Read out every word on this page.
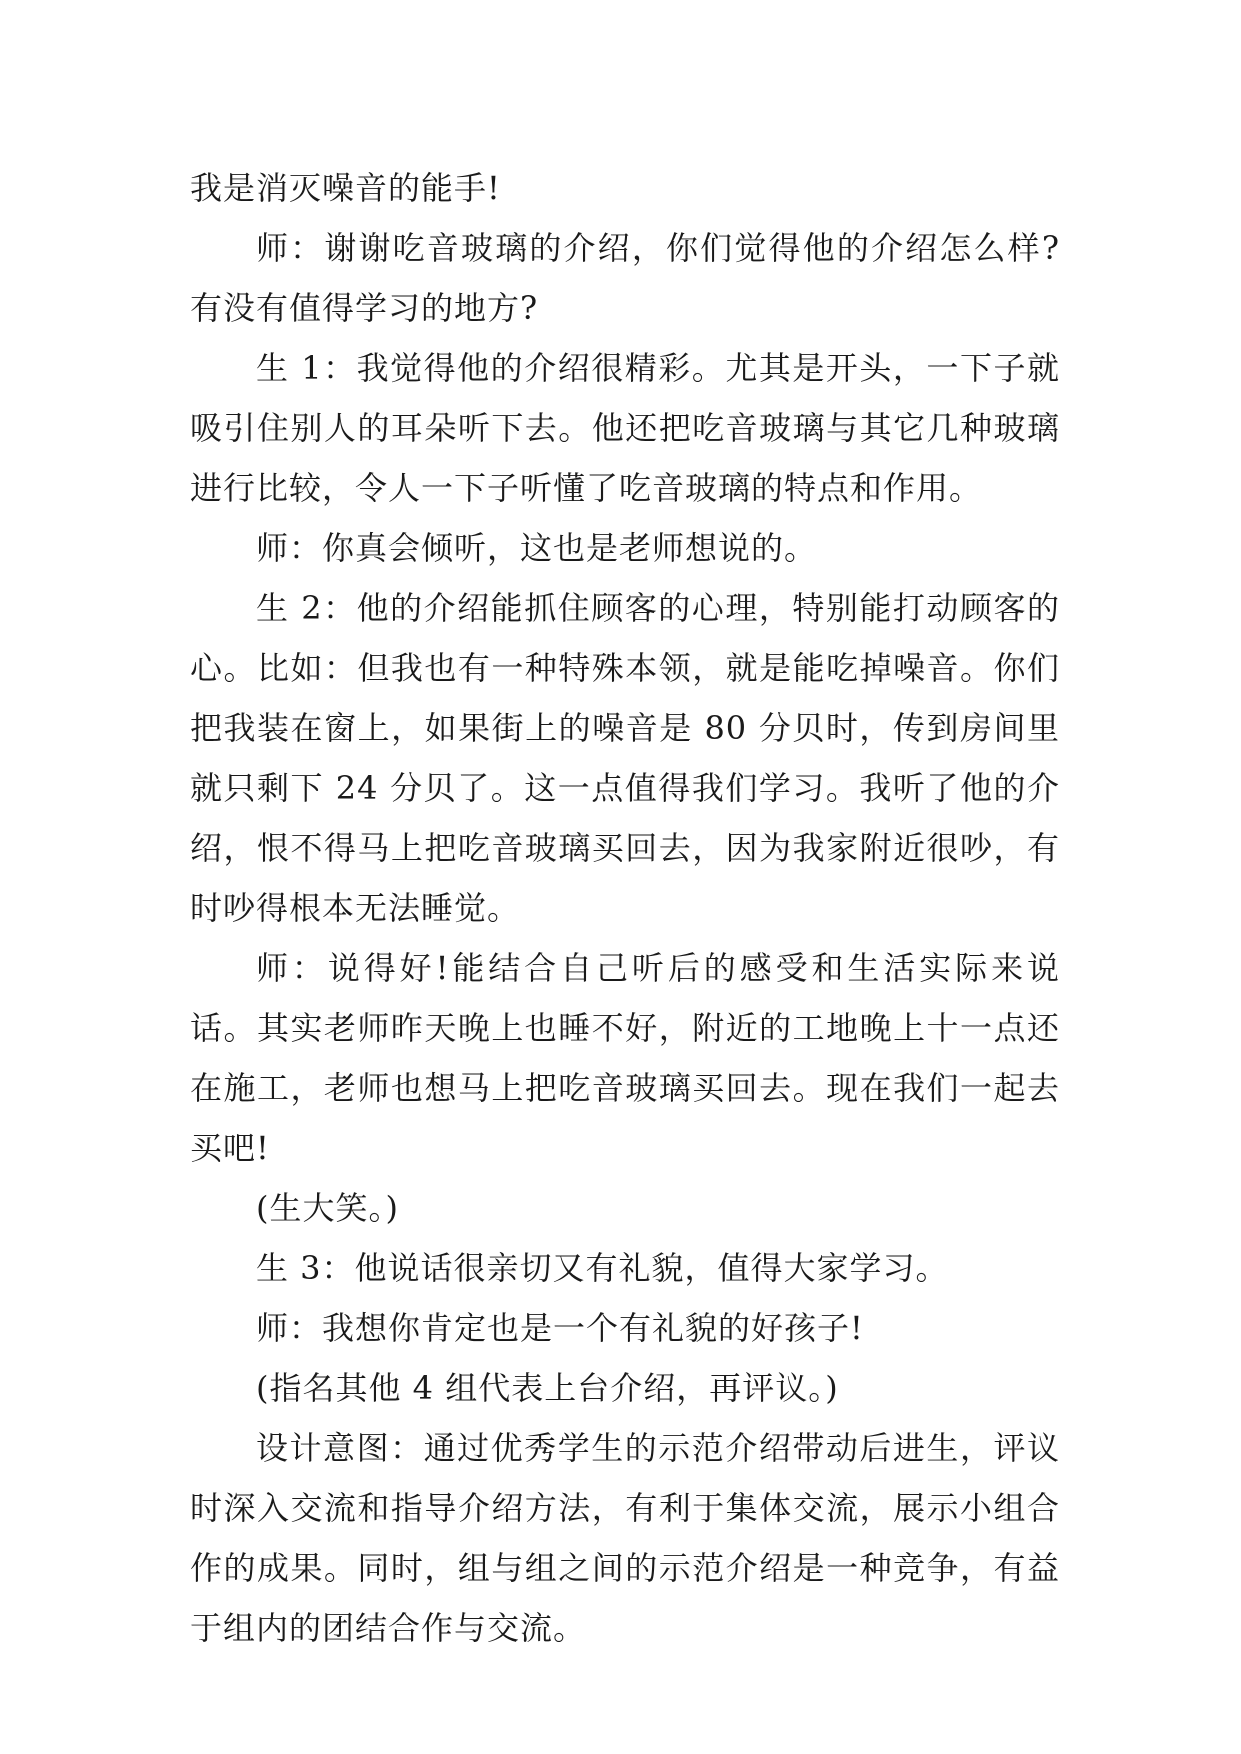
我是消灭噪音的能手!

师：谢谢吃音玻璃的介绍，你们觉得他的介绍怎么样?有没有值得学习的地方?

生 1：我觉得他的介绍很精彩。尤其是开头，一下子就吸引住别人的耳朵听下去。他还把吃音玻璃与其它几种玻璃进行比较，令人一下子听懂了吃音玻璃的特点和作用。

师：你真会倾听，这也是老师想说的。

生 2：他的介绍能抓住顾客的心理，特别能打动顾客的心。比如：但我也有一种特殊本领，就是能吃掉噪音。你们把我装在窗上，如果街上的噪音是 80 分贝时，传到房间里就只剩下 24 分贝了。这一点值得我们学习。我听了他的介绍，恨不得马上把吃音玻璃买回去，因为我家附近很吵，有时吵得根本无法睡觉。

师：说得好!能结合自己听后的感受和生活实际来说话。其实老师昨天晚上也睡不好，附近的工地晚上十一点还在施工，老师也想马上把吃音玻璃买回去。现在我们一起去买吧!

(生大笑。)

生 3：他说话很亲切又有礼貌，值得大家学习。

师：我想你肯定也是一个有礼貌的好孩子!

(指名其他 4 组代表上台介绍，再评议。)

设计意图：通过优秀学生的示范介绍带动后进生，评议时深入交流和指导介绍方法，有利于集体交流，展示小组合作的成果。同时，组与组之间的示范介绍是一种竞争，有益于组内的团结合作与交流。
